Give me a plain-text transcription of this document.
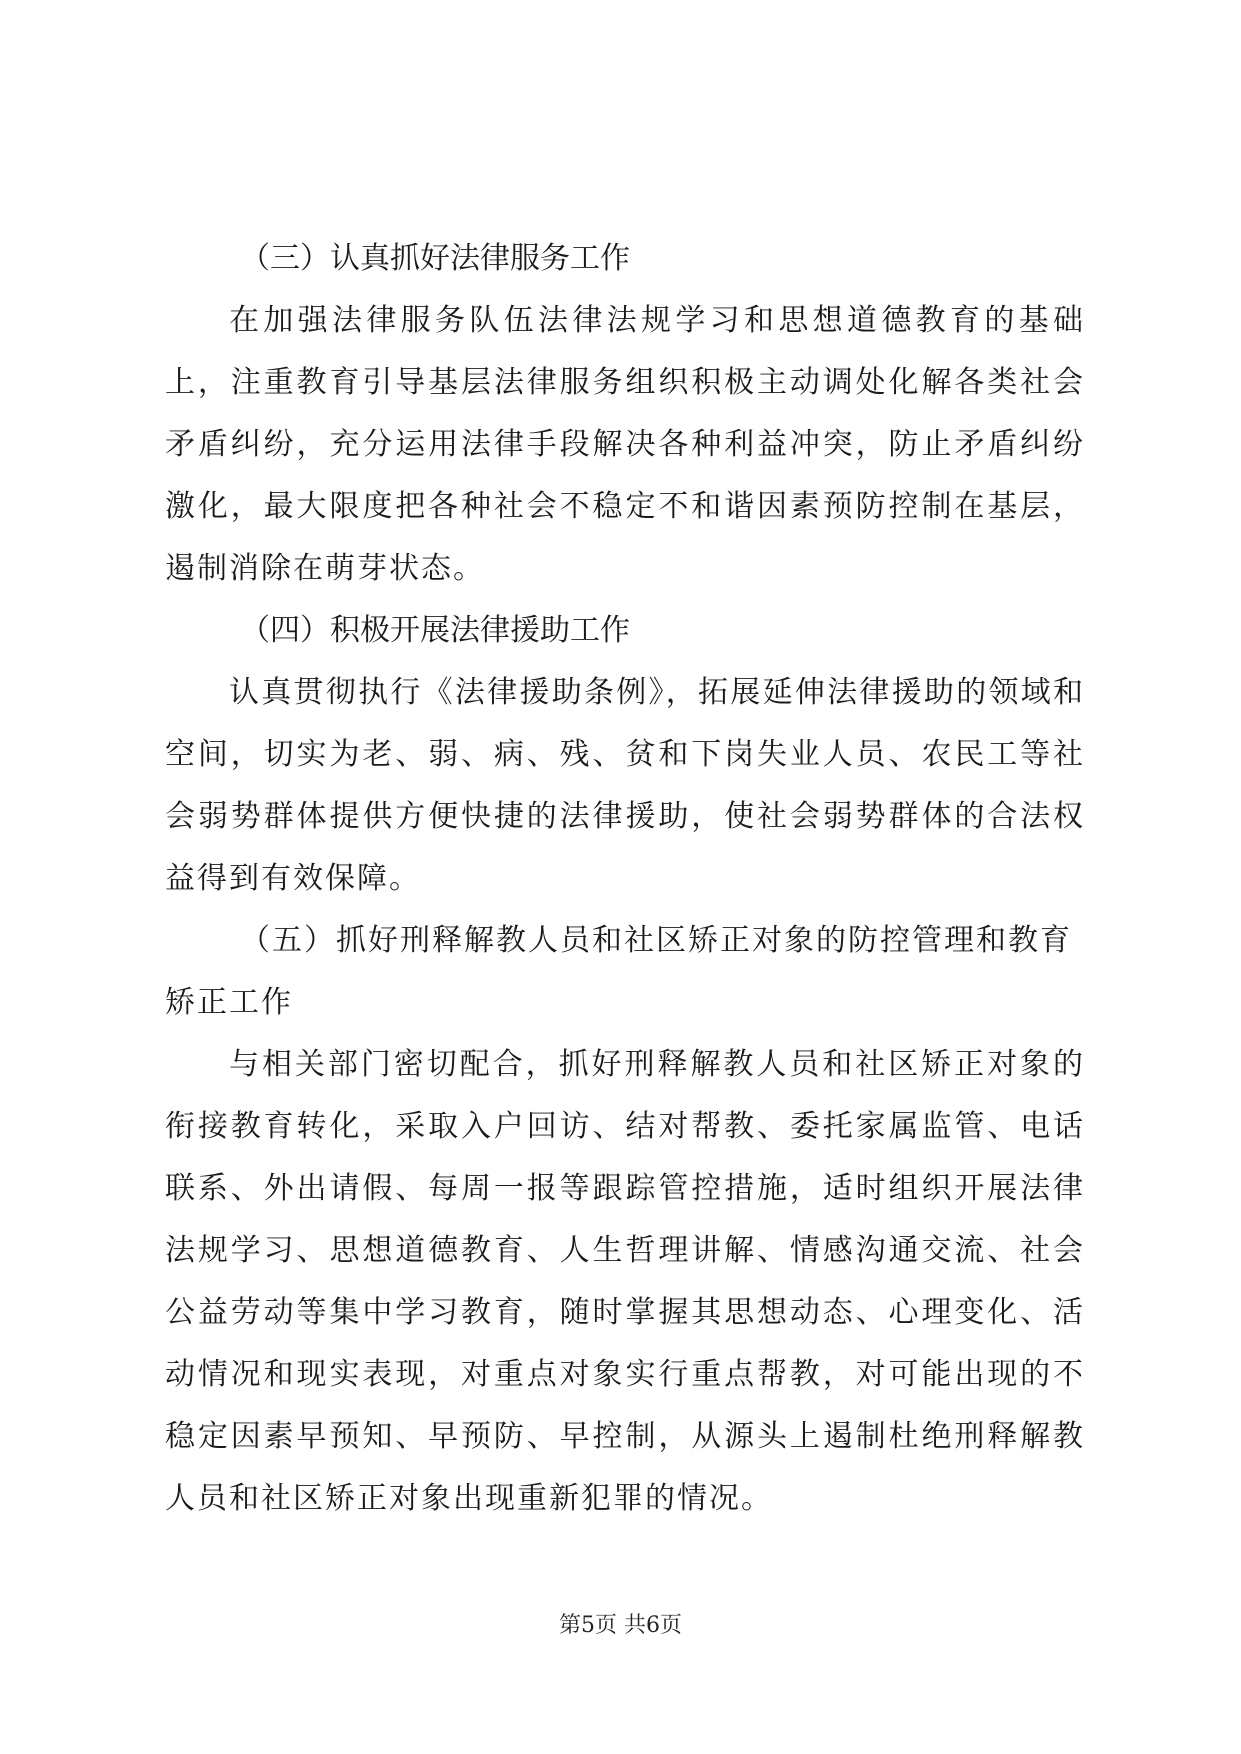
（三）认真抓好法律服务工作

在加强法律服务队伍法律法规学习和思想道德教育的基础上，注重教育引导基层法律服务组织积极主动调处化解各类社会矛盾纠纷，充分运用法律手段解决各种利益冲突，防止矛盾纠纷激化，最大限度把各种社会不稳定不和谐因素预防控制在基层，遏制消除在萌芽状态。

（四）积极开展法律援助工作

认真贯彻执行《法律援助条例》，拓展延伸法律援助的领域和空间，切实为老、弱、病、残、贫和下岗失业人员、农民工等社会弱势群体提供方便快捷的法律援助，使社会弱势群体的合法权益得到有效保障。

（五）抓好刑释解教人员和社区矫正对象的防控管理和教育矫正工作

与相关部门密切配合，抓好刑释解教人员和社区矫正对象的衔接教育转化，采取入户回访、结对帮教、委托家属监管、电话联系、外出请假、每周一报等跟踪管控措施，适时组织开展法律法规学习、思想道德教育、人生哲理讲解、情感沟通交流、社会公益劳动等集中学习教育，随时掌握其思想动态、心理变化、活动情况和现实表现，对重点对象实行重点帮教，对可能出现的不稳定因素早预知、早预防、早控制，从源头上遏制杜绝刑释解教人员和社区矫正对象出现重新犯罪的情况。

第5页 共6页
